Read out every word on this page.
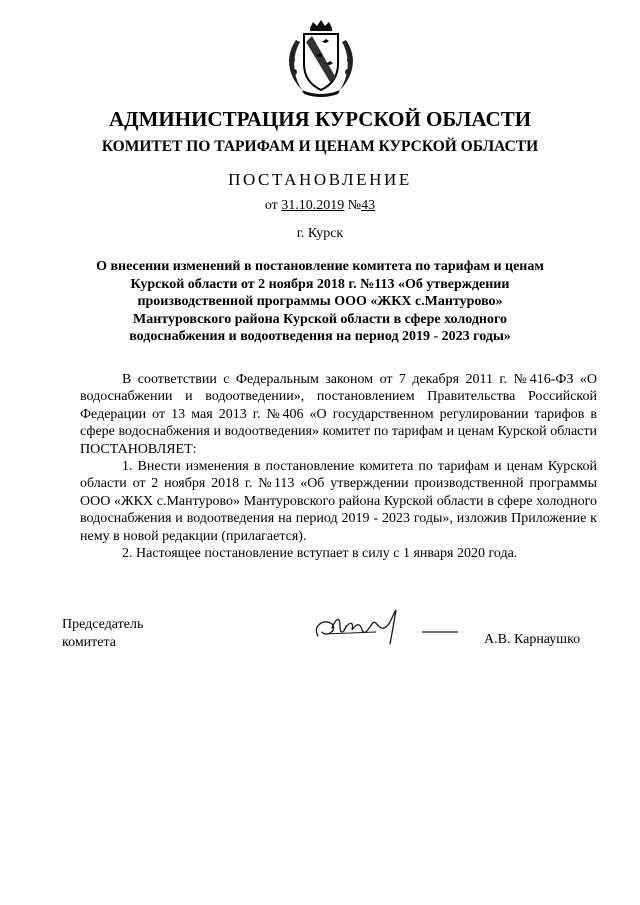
АДМИНИСТРАЦИЯ КУРСКОЙ ОБЛАСТИ
КОМИТЕТ ПО ТАРИФАМ И ЦЕНАМ КУРСКОЙ ОБЛАСТИ
ПОСТАНОВЛЕНИЕ
от 31.10.2019 №43
г. Курск
О внесении изменений в постановление комитета по тарифам и ценам
Курской области от 2 ноября 2018 г. №113 «Об утверждении
производственной программы ООО «ЖКХ с.Мантурово»
Мантуровского района Курской области в сфере холодного
водоснабжения и водоотведения на период 2019 - 2023 годы»

В соответствии с Федеральным законом от 7 декабря 2011 г. №416-ФЗ «О водоснабжении и водоотведении», постановлением Правительства Российской Федерации от 13 мая 2013 г. №406 «О государственном регулировании тарифов в сфере водоснабжения и водоотведения» комитет по тарифам и ценам Курской области ПОСТАНОВЛЯЕТ:

1. Внести изменения в постановление комитета по тарифам и ценам Курской области от 2 ноября 2018 г. №113 «Об утверждении производственной программы ООО «ЖКХ с.Мантурово» Мантуровского района Курской области в сфере холодного водоснабжения и водоотведения на период 2019 - 2023 годы», изложив Приложение к нему в новой редакции (прилагается).

2. Настоящее постановление вступает в силу с 1 января 2020 года.

Председатель
комитета	А.В. Карнаушко
